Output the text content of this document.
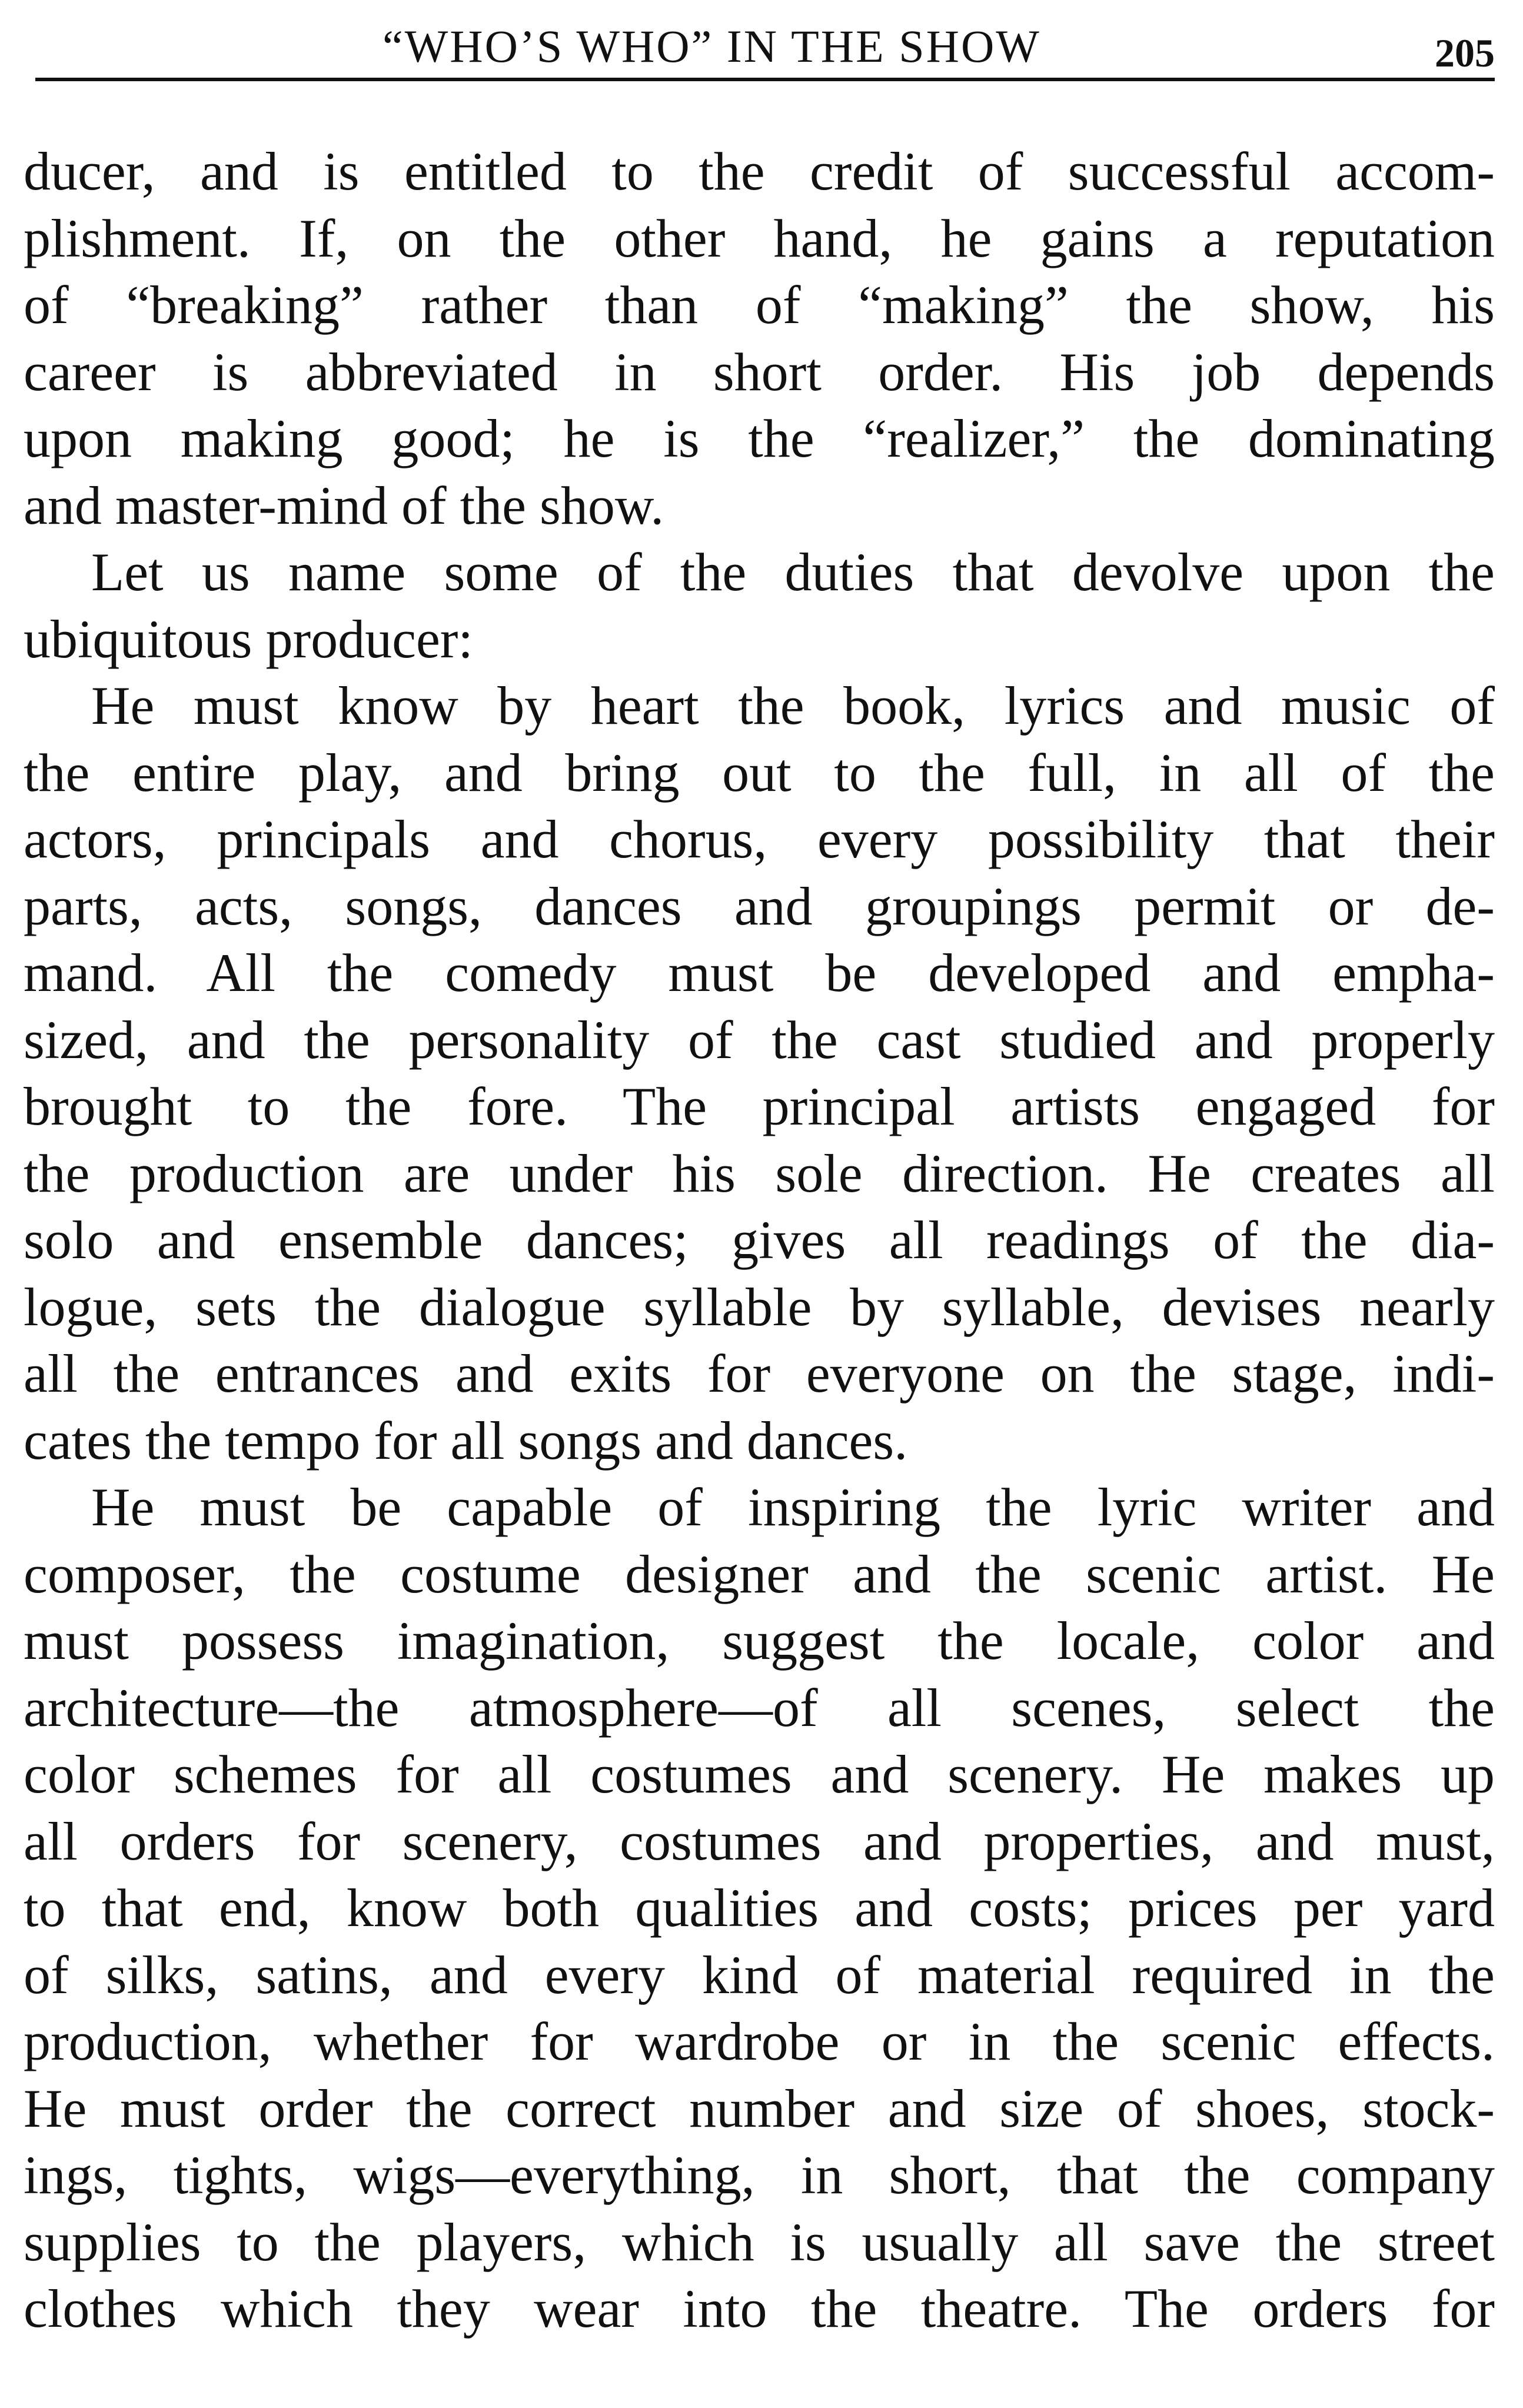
“WHO’S WHO” IN THE SHOW	205
ducer, and is entitled to the credit of successful accom-
plishment. If, on the other hand, he gains a reputation
of “breaking” rather than of “making” the show, his
career is abbreviated in short order. His job depends
upon making good; he is the “realizer,” the dominating
and master-mind of the show.
Let us name some of the duties that devolve upon the
ubiquitous producer:
He must know by heart the book, lyrics and music of
the entire play, and bring out to the full, in all of the
actors, principals and chorus, every possibility that their
parts, acts, songs, dances and groupings permit or de-
mand. All the comedy must be developed and empha-
sized, and the personality of the cast studied and properly
brought to the fore. The principal artists engaged for
the production are under his sole direction. He creates all
solo and ensemble dances; gives all readings of the dia-
logue, sets the dialogue syllable by syllable, devises nearly
all the entrances and exits for everyone on the stage, indi-
cates the tempo for all songs and dances.
He must be capable of inspiring the lyric writer and
composer, the costume designer and the scenic artist. He
must possess imagination, suggest the locale, color and
architecture—the atmosphere—of all scenes, select the
color schemes for all costumes and scenery. He makes up
all orders for scenery, costumes and properties, and must,
to that end, know both qualities and costs; prices per yard
of silks, satins, and every kind of material required in the
production, whether for wardrobe or in the scenic effects.
He must order the correct number and size of shoes, stock-
ings, tights, wigs—everything, in short, that the company
supplies to the players, which is usually all save the street
clothes which they wear into the theatre. The orders for
